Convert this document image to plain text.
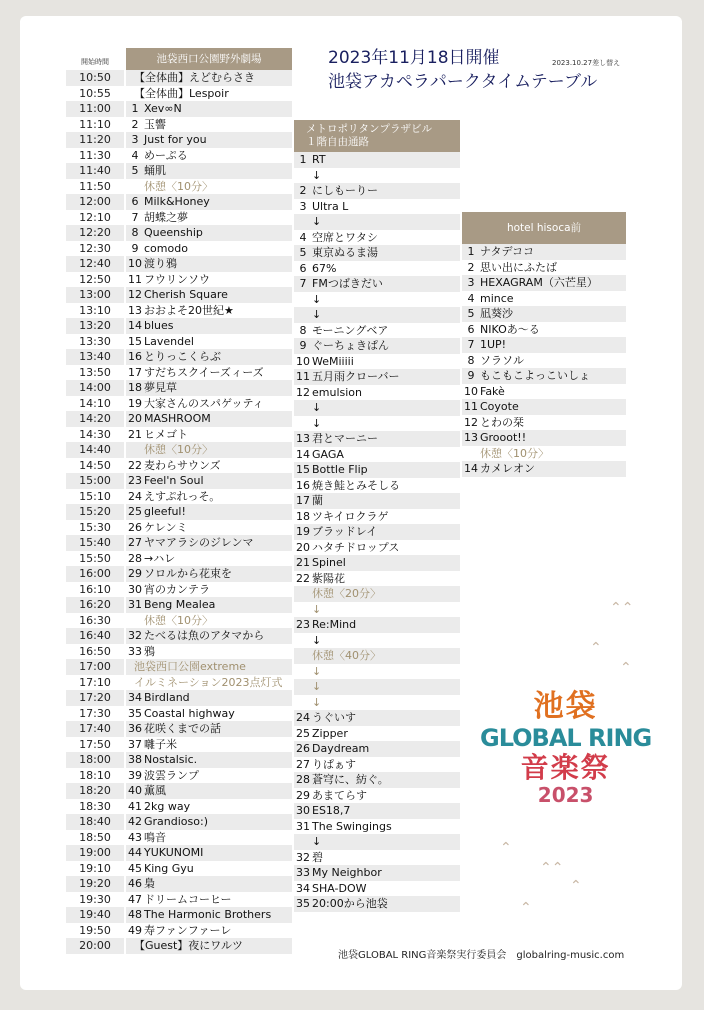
2023年11月18日開催
池袋アカペラパークタイムテーブル
2023.10.27差し替え
開始時間
10:50
10:55
11:00
11:10
11:20
11:30
11:40
11:50
12:00
12:10
12:20
12:30
12:40
12:50
13:00
13:10
13:20
13:30
13:40
13:50
14:00
14:10
14:20
14:30
14:40
14:50
15:00
15:10
15:20
15:30
15:40
15:50
16:00
16:10
16:20
16:30
16:40
16:50
17:00
17:10
17:20
17:30
17:40
17:50
18:00
18:10
18:20
18:30
18:40
18:50
19:00
19:10
19:20
19:30
19:40
19:50
20:00
池袋西口公園野外劇場
【全体曲】えどむらさき
【全体曲】Lespoir
1 Xev∞N
2 玉響
3 Just for you
4 めーぷる
5 蛹肌
休憩〈10分〉
6 Milk&Honey
7 胡蝶之夢
8 Queenship
9 comodo
10 渡り鴉
11 フウリンソウ
12 Cherish Square
13 おおよそ20世紀★
14 blues
15 Lavendel
16 とりっこくらぶ
17 すだちスクイーズィーズ
18 夢見草
19 大家さんのスパゲッティ
20 MASHROOM
21 ヒメゴト
休憩〈10分〉
22 麦わらサウンズ
23 Feel'n Soul
24 えすぷれっそ。
25 gleeful!
26 ケレンミ
27 ヤマアラシのジレンマ
28 →ハレ
29 ソロルから花束を
30 宵のカンテラ
31 Beng Mealea
休憩〈10分〉
32 たべるは魚のアタマから
33 鴉
池袋西口公園extreme
イルミネーション2023点灯式
34 Birdland
35 Coastal highway
36 花咲くまでの話
37 囃子米
38 Nostalsic.
39 波雲ランプ
40 薫風
41 2kg way
42 Grandioso:)
43 鳴音
44 YUKUNOMI
45 King Gyu
46 梟
47 ドリームコーヒー
48 The Harmonic Brothers
49 寿ファンファーレ
【Guest】夜にワルツ
メトロポリタンプラザビル
１階自由通路
1 RT
↓
2 にしもーりー
3 Ultra L
↓
4 空席とワタシ
5 東京ぬるま湯
6 67%
7 FMつばきだい
↓
↓
8 モーニングベア
9 ぐーちょきぱん
10 WeMiiiii
11 五月雨クローバー
12 emulsion
↓
↓
13 君とマーニー
14 GAGA
15 Bottle Flip
16 焼き鮭とみそしる
17 蘭
18 ツキイロクラゲ
19 ブラッドレイ
20 ハタチドロップス
21 Spinel
22 紫陽花
休憩〈20分〉
↓
23 Re:Mind
↓
休憩〈40分〉
↓
↓
↓
24 うぐいす
25 Zipper
26 Daydream
27 りぱぁす
28 蒼穹に、紡ぐ。
29 あまてらす
30 ES18,7
31 The Swingings
↓
32 碧
33 My Neighbor
34 SHA-DOW
35 20:00から池袋
hotel hisoca前
1 ナタデココ
2 思い出にふたば
3 HEXAGRAM（六芒星）
4 mince
5 凪葵沙
6 NIKOあ～る
7 1UP!
8 ソラソル
9 もこもこよっこいしょ
10 Fakè
11 Coyote
12 とわの栞
13 Grooot!!
休憩〈10分〉
14 カメレオン
⌃⌃
⌃
⌃
⌃
⌃⌃
⌃
⌃
池袋
GLOBAL RING
音楽祭
2023
池袋GLOBAL RING音楽祭実行委員会　globalring-music.com
